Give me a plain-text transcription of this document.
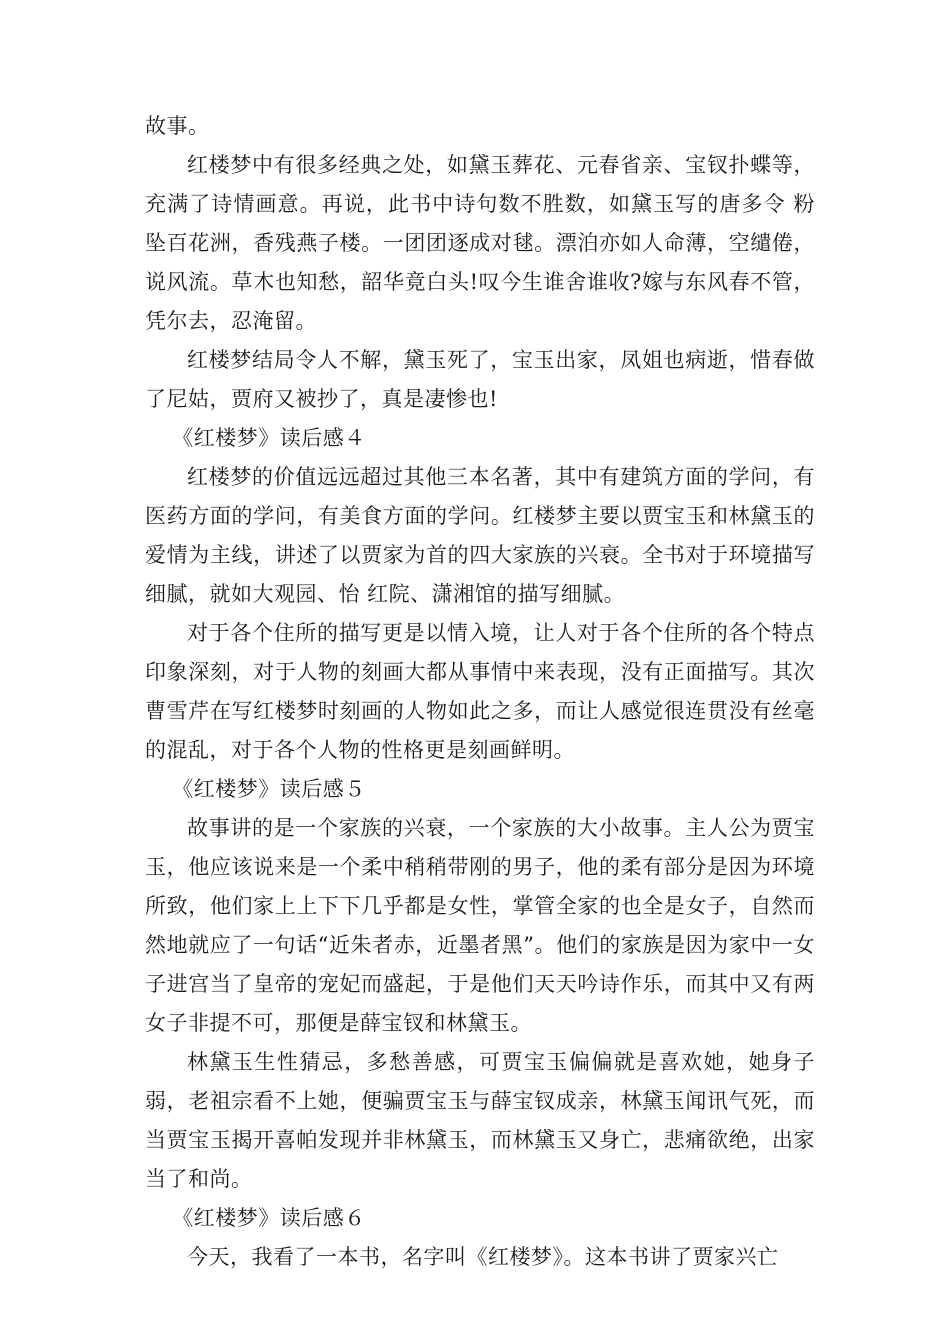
故事。

红楼梦中有很多经典之处，如黛玉葬花、元春省亲、宝钗扑蝶等，充满了诗情画意。再说，此书中诗句数不胜数，如黛玉写的唐多令 粉坠百花洲，香残燕子楼。一团团逐成对毬。漂泊亦如人命薄，空缱倦，说风流。草木也知愁，韶华竟白头!叹今生谁舍谁收?嫁与东风春不管，凭尔去，忍淹留。

红楼梦结局令人不解，黛玉死了，宝玉出家，凤姐也病逝，惜春做了尼姑，贾府又被抄了，真是凄惨也!

《红楼梦》读后感４

红楼梦的价值远远超过其他三本名著，其中有建筑方面的学问，有医药方面的学问，有美食方面的学问。红楼梦主要以贾宝玉和林黛玉的爱情为主线，讲述了以贾家为首的四大家族的兴衰。全书对于环境描写细腻，就如大观园、怡 红院、潇湘馆的描写细腻。

对于各个住所的描写更是以情入境，让人对于各个住所的各个特点印象深刻，对于人物的刻画大都从事情中来表现，没有正面描写。其次曹雪芹在写红楼梦时刻画的人物如此之多，而让人感觉很连贯没有丝毫的混乱，对于各个人物的性格更是刻画鲜明。

《红楼梦》读后感５

故事讲的是一个家族的兴衰，一个家族的大小故事。主人公为贾宝玉，他应该说来是一个柔中稍稍带刚的男子，他的柔有部分是因为环境所致，他们家上上下下几乎都是女性，掌管全家的也全是女子，自然而然地就应了一句话“近朱者赤，近墨者黑”。他们的家族是因为家中一女子进宫当了皇帝的宠妃而盛起，于是他们天天吟诗作乐，而其中又有两女子非提不可，那便是薛宝钗和林黛玉。

林黛玉生性猜忌，多愁善感，可贾宝玉偏偏就是喜欢她，她身子弱，老祖宗看不上她，便骗贾宝玉与薛宝钗成亲，林黛玉闻讯气死，而当贾宝玉揭开喜帕发现并非林黛玉，而林黛玉又身亡，悲痛欲绝，出家当了和尚。

《红楼梦》读后感６

今天，我看了一本书，名字叫《红楼梦》。这本书讲了贾家兴亡
